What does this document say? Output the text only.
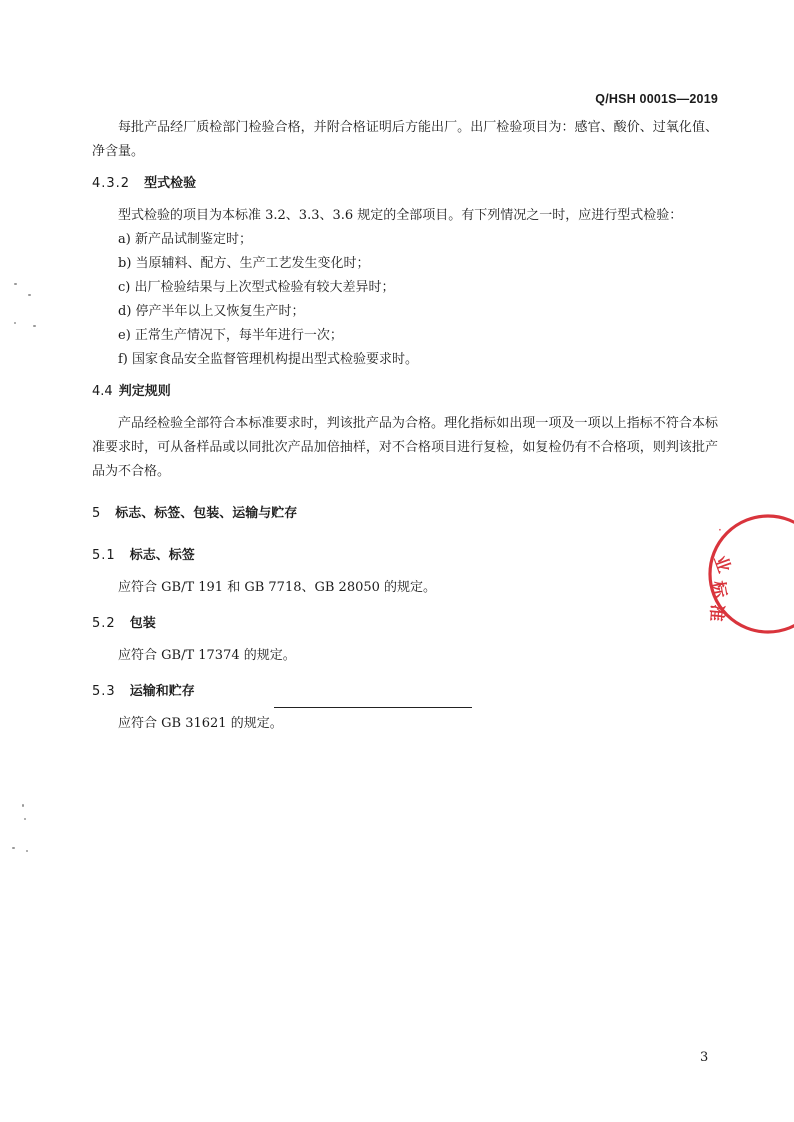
Q/HSH 0001S—2019

每批产品经厂质检部门检验合格，并附合格证明后方能出厂。出厂检验项目为：感官、酸价、过氧化值、净含量。

4.3.2 型式检验

型式检验的项目为本标准 3.2、3.3、3.6 规定的全部项目。有下列情况之一时，应进行型式检验：

a) 新产品试制鉴定时；

b) 当原辅料、配方、生产工艺发生变化时；

c) 出厂检验结果与上次型式检验有较大差异时；

d) 停产半年以上又恢复生产时；

e) 正常生产情况下，每半年进行一次；

f) 国家食品安全监督管理机构提出型式检验要求时。

4.4 判定规则

产品经检验全部符合本标准要求时，判该批产品为合格。理化指标如出现一项及一项以上指标不符合本标准要求时，可从备样品或以同批次产品加倍抽样，对不合格项目进行复检，如复检仍有不合格项，则判该批产品为不合格。

5 标志、标签、包装、运输与贮存

5.1 标志、标签

应符合 GB/T 191 和 GB 7718、GB 28050 的规定。

5.2 包装

应符合 GB/T 17374 的规定。

5.3 运输和贮存

应符合 GB 31621 的规定。

业
标
准
·
3
